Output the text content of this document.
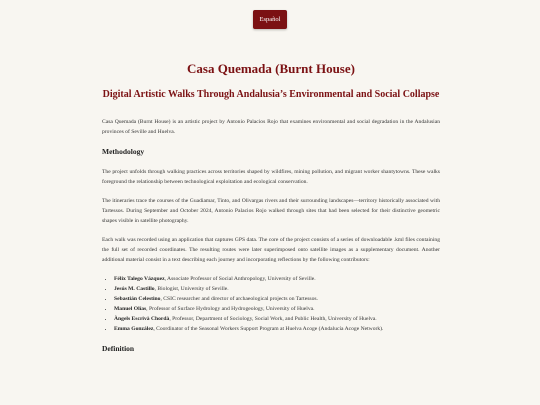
Español
Casa Quemada (Burnt House)
Digital Artistic Walks Through Andalusia’s Environmental and Social Collapse

Casa Quemada (Burnt House) is an artistic project by Antonio Palacios Rojo that examines environmental and social degradation in the Andalusian provinces of Seville and Huelva.

Methodology

The project unfolds through walking practices across territories shaped by wildfires, mining pollution, and migrant worker shantytowns. These walks foreground the relationship between technological exploitation and ecological conservation.

The itineraries trace the courses of the Guadiamar, Tinto, and Olivargas rivers and their surrounding landscapes—territory historically associated with Tartessos. During September and October 2024, Antonio Palacios Rojo walked through sites that had been selected for their distinctive geometric shapes visible in satellite photography.

Each walk was recorded using an application that captures GPS data. The core of the project consists of a series of downloadable .kml files containing the full set of recorded coordinates. The resulting routes were later superimposed onto satellite images as a supplementary document. Another additional material consist in a text describing each journey and incorporating reflections by the following contributors:

• Félix Talego Vázquez, Associate Professor of Social Anthropology, University of Seville.
• Jesús M. Castillo, Biologist, University of Seville.
• Sebastián Celestino, CSIC researcher and director of archaeological projects on Tartessos.
• Manuel Olías, Professor of Surface Hydrology and Hydrogeology, University of Huelva.
• Àngels Escrivà Chordà, Professor, Department of Sociology, Social Work, and Public Health, University of Huelva.
• Emma González, Coordinator of the Seasonal Workers Support Program at Huelva Acoge (Andalucía Acoge Network).
Definition
